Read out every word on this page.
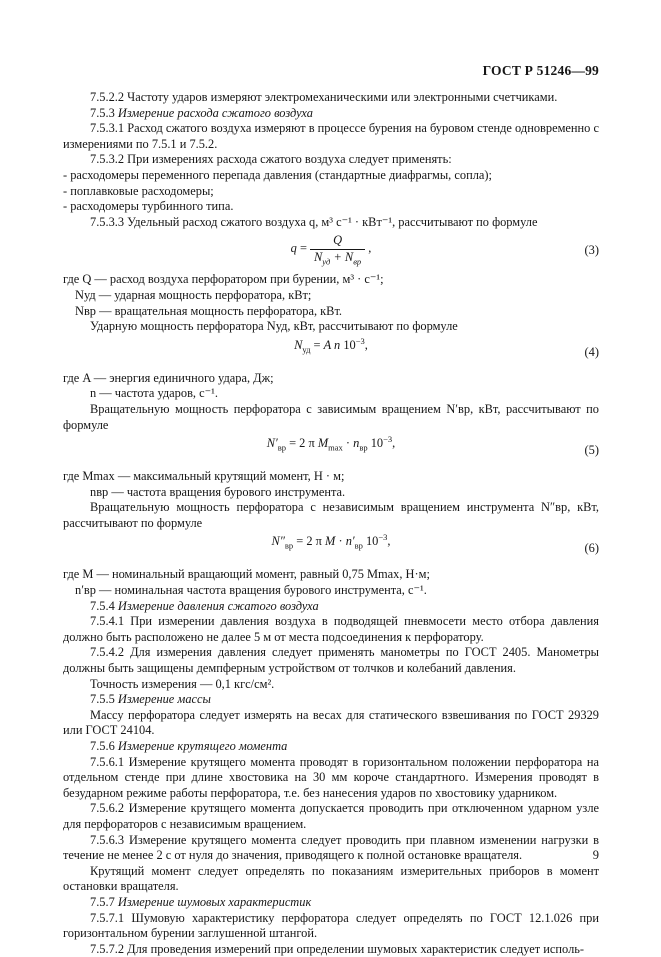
ГОСТ Р 51246—99

7.5.2.2 Частоту ударов измеряют электромеханическими или электронными счетчиками.

7.5.3 Измерение расхода сжатого воздуха

7.5.3.1 Расход сжатого воздуха измеряют в процессе бурения на буровом стенде одновременно с измерениями по 7.5.1 и 7.5.2.

7.5.3.2 При измерениях расхода сжатого воздуха следует применять:

- расходомеры переменного перепада давления (стандартные диафрагмы, сопла);

- поплавковые расходомеры;

- расходомеры турбинного типа.

7.5.3.3 Удельный расход сжатого воздуха q, м³ с⁻¹ · кВт⁻¹, рассчитывают по формуле

$q = \frac{Q}{N_{уд} + N_{вр}}$ ,	(3)

где Q — расход воздуха перфоратором при бурении, м³ · с⁻¹;

Nуд — ударная мощность перфоратора, кВт;

Nвр — вращательная мощность перфоратора, кВт.

Ударную мощность перфоратора Nуд, кВт, рассчитывают по формуле

$N_{уд} = A$ n $10^{-3}$,
(4)

где A — энергия единичного удара, Дж;

n — частота ударов, с⁻¹.

Вращательную мощность перфоратора с зависимым вращением N′вр, кВт, рассчитывают по формуле

$N'_{вр} = 2$ π $M_{max} \cdot n_{вр}$ $10^{-3}$,
(5)

где Mmax — максимальный крутящий момент, Н · м;

nвр — частота вращения бурового инструмента.

Вращательную мощность перфоратора с независимым вращением инструмента N″вр, кВт, рассчитывают по формуле

$N''_{вр} = 2$ π $M \cdot n'_{вр}$ $10^{-3}$,
(6)

где M — номинальный вращающий момент, равный 0,75 Mmax, Н·м;

n′вр — номинальная частота вращения бурового инструмента, с⁻¹.

7.5.4 Измерение давления сжатого воздуха

7.5.4.1 При измерении давления воздуха в подводящей пневмосети место отбора давления должно быть расположено не далее 5 м от места подсоединения к перфоратору.

7.5.4.2 Для измерения давления следует применять манометры по ГОСТ 2405. Манометры должны быть защищены демпферным устройством от толчков и колебаний давления.

Точность измерения — 0,1 кгс/см².

7.5.5 Измерение массы

Массу перфоратора следует измерять на весах для статического взвешивания по ГОСТ 29329 или ГОСТ 24104.

7.5.6 Измерение крутящего момента

7.5.6.1 Измерение крутящего момента проводят в горизонтальном положении перфоратора на отдельном стенде при длине хвостовика на 30 мм короче стандартного. Измерения проводят в безударном режиме работы перфоратора, т.е. без нанесения ударов по хвостовику ударником.

7.5.6.2 Измерение крутящего момента допускается проводить при отключенном ударном узле для перфораторов с независимым вращением.

7.5.6.3 Измерение крутящего момента следует проводить при плавном изменении нагрузки в течение не менее 2 с от нуля до значения, приводящего к полной остановке вращателя.

Крутящий момент следует определять по показаниям измерительных приборов в момент остановки вращателя.

7.5.7 Измерение шумовых характеристик

7.5.7.1 Шумовую характеристику перфоратора следует определять по ГОСТ 12.1.026 при горизонтальном бурении заглушенной штангой.

7.5.7.2 Для проведения измерений при определении шумовых характеристик следует исполь-

9
